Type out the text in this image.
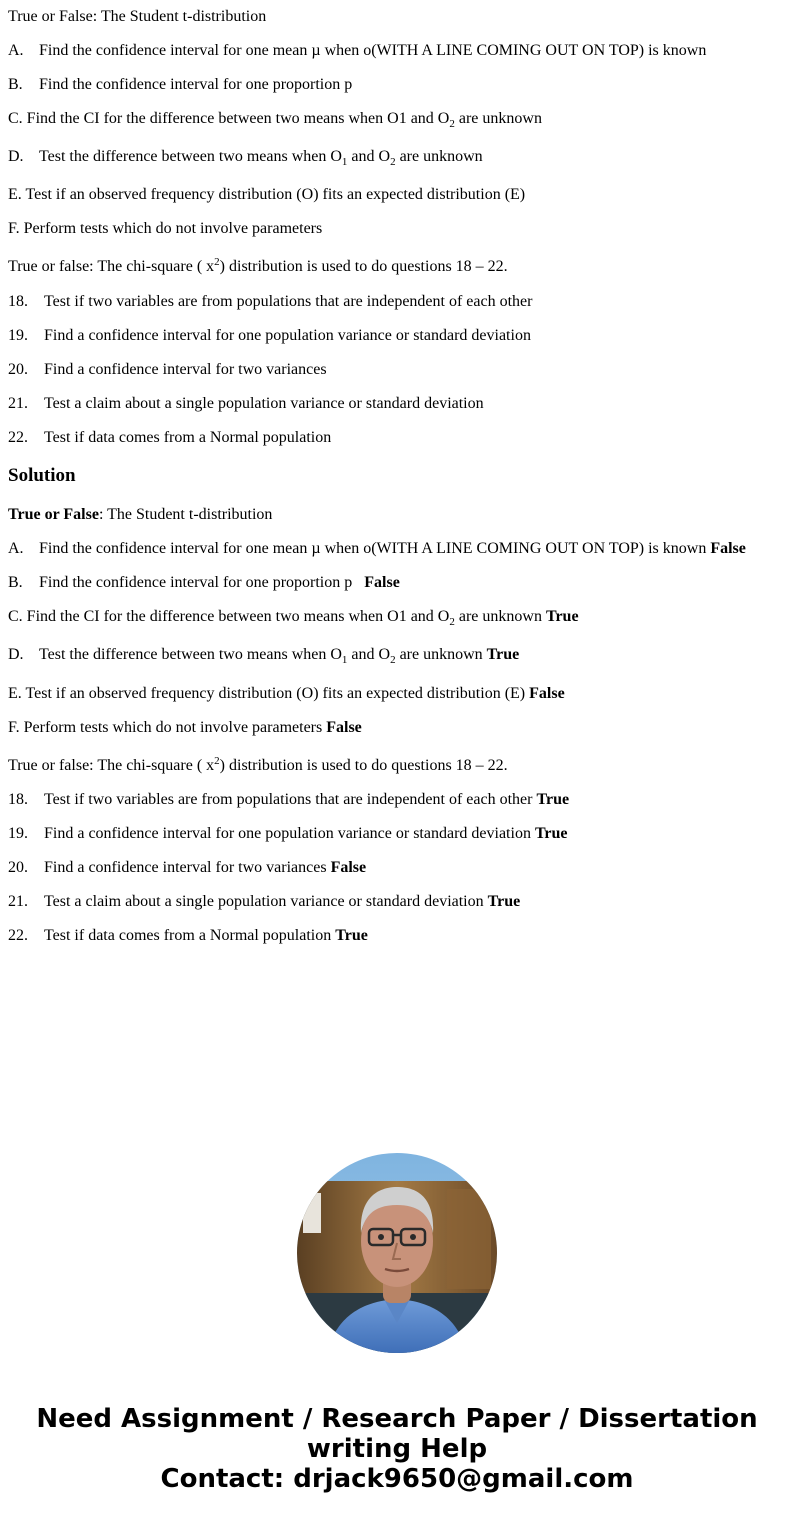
True or False: The Student t-distribution
A. Find the confidence interval for one mean µ when o(WITH A LINE COMING OUT ON TOP) is known
B. Find the confidence interval for one proportion p
C. Find the CI for the difference between two means when O1 and $O_2$ are unknown
D. Test the difference between two means when $O_1$ and $O_2$ are unknown
E. Test if an observed frequency distribution (O) fits an expected distribution (E)
F. Perform tests which do not involve parameters
True or false: The chi-square ( $x^2$) distribution is used to do questions 18 – 22.
18. Test if two variables are from populations that are independent of each other
19. Find a confidence interval for one population variance or standard deviation
20. Find a confidence interval for two variances
21. Test a claim about a single population variance or standard deviation
22. Test if data comes from a Normal population
Solution
True or False: The Student t-distribution
A. Find the confidence interval for one mean µ when o(WITH A LINE COMING OUT ON TOP) is known False
B. Find the confidence interval for one proportion p False
C. Find the CI for the difference between two means when O1 and $O_2$ are unknown True
D. Test the difference between two means when $O_1$ and $O_2$ are unknown True
E. Test if an observed frequency distribution (O) fits an expected distribution (E) False
F. Perform tests which do not involve parameters False
True or false: The chi-square ( $x^2$) distribution is used to do questions 18 – 22.
18. Test if two variables are from populations that are independent of each other True
19. Find a confidence interval for one population variance or standard deviation True
20. Find a confidence interval for two variances False
21. Test a claim about a single population variance or standard deviation True
22. Test if data comes from a Normal population True
Need Assignment / Research Paper / Dissertation
writing Help
Contact: drjack9650@gmail.com
